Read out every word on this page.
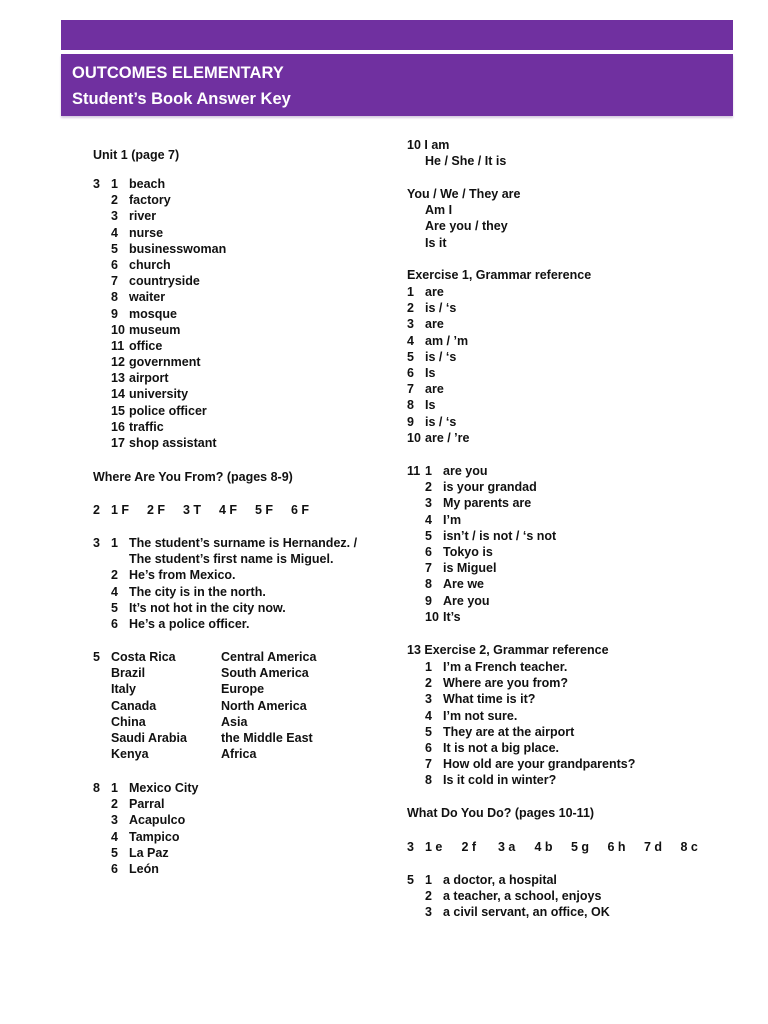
OUTCOMES ELEMENTARY
Student’s Book Answer Key
Unit 1 (page 7)
3 1 beach
2 factory
3 river
4 nurse
5 businesswoman
6 church
7 countryside
8 waiter
9 mosque
10 museum
11 office
12 government
13 airport
14 university
15 police officer
16 traffic
17 shop assistant
Where Are You From? (pages 8-9)
2 1 F 2 F 3 T 4 F 5 F 6 F
3 1 The student’s surname is Hernandez. /
The student’s first name is Miguel.
2 He’s from Mexico.
4 The city is in the north.
5 It’s not hot in the city now.
6 He’s a police officer.
5 Costa Rica	Central America
Brazil	South America
Italy	Europe
Canada	North America
China	Asia
Saudi Arabia	the Middle East
Kenya	Africa
8 1 Mexico City
2 Parral
3 Acapulco
4 Tampico
5 La Paz
6 León
10 I am
He / She / It is
You / We / They are
Am I
Are you / they
Is it
Exercise 1, Grammar reference
1 are
2 is / ‘s
3 are
4 am / ’m
5 is / ‘s
6 Is
7 are
8 Is
9 is / ‘s
10 are / ’re
11 1 are you
2 is your grandad
3 My parents are
4 I’m
5 isn’t / is not / ‘s not
6 Tokyo is
7 is Miguel
8 Are we
9 Are you
10 It’s
13 Exercise 2, Grammar reference
1 I’m a French teacher.
2 Where are you from?
3 What time is it?
4 I’m not sure.
5 They are at the airport
6 It is not a big place.
7 How old are your grandparents?
8 Is it cold in winter?
What Do You Do? (pages 10-11)
3 1 e 2 f 3 a 4 b 5 g 6 h 7 d 8 c
5 1 a doctor, a hospital
2 a teacher, a school, enjoys
3 a civil servant, an office, OK
